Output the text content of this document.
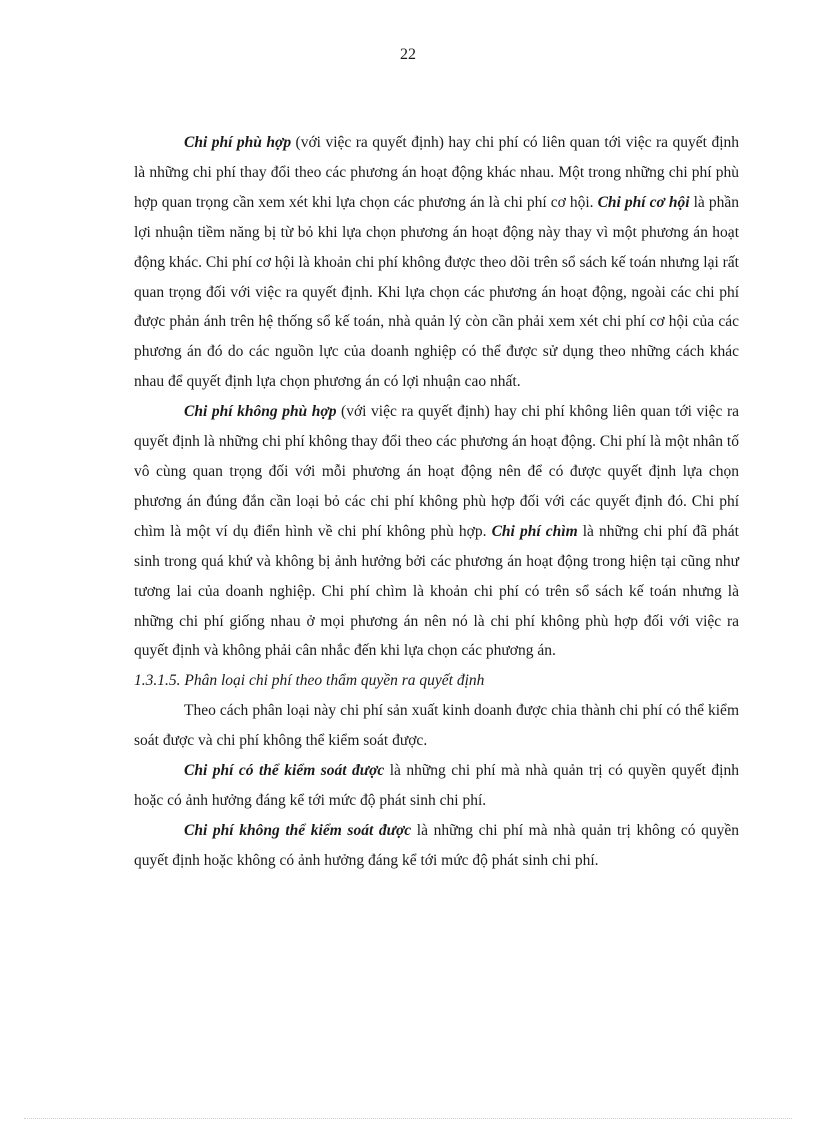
22

Chi phí phù hợp (với việc ra quyết định) hay chi phí có liên quan tới việc ra quyết định là những chi phí thay đổi theo các phương án hoạt động khác nhau. Một trong những chi phí phù hợp quan trọng cần xem xét khi lựa chọn các phương án là chi phí cơ hội. Chi phí cơ hội là phần lợi nhuận tiềm năng bị từ bỏ khi lựa chọn phương án hoạt động này thay vì một phương án hoạt động khác. Chi phí cơ hội là khoản chi phí không được theo dõi trên sổ sách kế toán nhưng lại rất quan trọng đối với việc ra quyết định. Khi lựa chọn các phương án hoạt động, ngoài các chi phí được phản ánh trên hệ thống sổ kế toán, nhà quản lý còn cần phải xem xét chi phí cơ hội của các phương án đó do các nguồn lực của doanh nghiệp có thể được sử dụng theo những cách khác nhau để quyết định lựa chọn phương án có lợi nhuận cao nhất.

Chi phí không phù hợp (với việc ra quyết định) hay chi phí không liên quan tới việc ra quyết định là những chi phí không thay đổi theo các phương án hoạt động. Chi phí là một nhân tố vô cùng quan trọng đối với mỗi phương án hoạt động nên để có được quyết định lựa chọn phương án đúng đắn cần loại bỏ các chi phí không phù hợp đối với các quyết định đó. Chi phí chìm là một ví dụ điển hình về chi phí không phù hợp. Chi phí chìm là những chi phí đã phát sinh trong quá khứ và không bị ảnh hưởng bởi các phương án hoạt động trong hiện tại cũng như tương lai của doanh nghiệp. Chi phí chìm là khoản chi phí có trên sổ sách kế toán nhưng là những chi phí giống nhau ở mọi phương án nên nó là chi phí không phù hợp đối với việc ra quyết định và không phải cân nhắc đến khi lựa chọn các phương án.

1.3.1.5. Phân loại chi phí theo thẩm quyền ra quyết định

Theo cách phân loại này chi phí sản xuất kinh doanh được chia thành chi phí có thể kiểm soát được và chi phí không thể kiểm soát được.

Chi phí có thể kiểm soát được là những chi phí mà nhà quản trị có quyền quyết định hoặc có ảnh hưởng đáng kể tới mức độ phát sinh chi phí.

Chi phí không thể kiểm soát được là những chi phí mà nhà quản trị không có quyền quyết định hoặc không có ảnh hưởng đáng kể tới mức độ phát sinh chi phí.
